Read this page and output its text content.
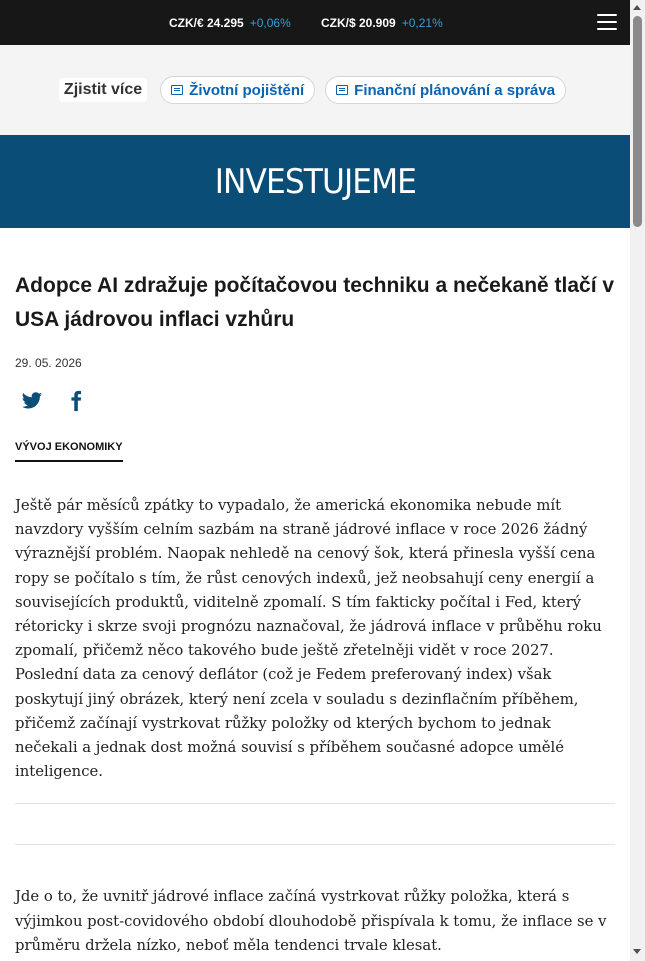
CZK/€ 24.295 +0,06%	CZK/$ 20.909 +0,21%
Zjistit více	Životní pojištění	Finanční plánování a správa
INVESTUJEME
Adopce AI zdražuje počítačovou techniku a nečekaně tlačí v USA jádrovou inflaci vzhůru
29. 05. 2026
VÝVOJ EKONOMIKY

Ještě pár měsíců zpátky to vypadalo, že americká ekonomika nebude mít navzdory vyšším celním sazbám na straně jádrové inflace v roce 2026 žádný výraznější problém. Naopak nehledě na cenový šok, která přinesla vyšší cena ropy se počítalo s tím, že růst cenových indexů, jež neobsahují ceny energií a souvisejících produktů, viditelně zpomalí. S tím fakticky počítal i Fed, který rétoricky i skrze svoji prognózu naznačoval, že jádrová inflace v průběhu roku zpomalí, přičemž něco takového bude ještě zřetelněji vidět v roce 2027. Poslední data za cenový deflátor (což je Fedem preferovaný index) však poskytují jiný obrázek, který není zcela v souladu s dezinflačním příběhem, přičemž začínají vystrkovat růžky položky od kterých bychom to jednak nečekali a jednak dost možná souvisí s příběhem současné adopce umělé inteligence.

Jde o to, že uvnitř jádrové inflace začíná vystrkovat růžky položka, která s výjimkou post-covidového období dlouhodobě přispívala k tomu, že inflace se v průměru držela nízko, neboť měla tendenci trvale klesat.
